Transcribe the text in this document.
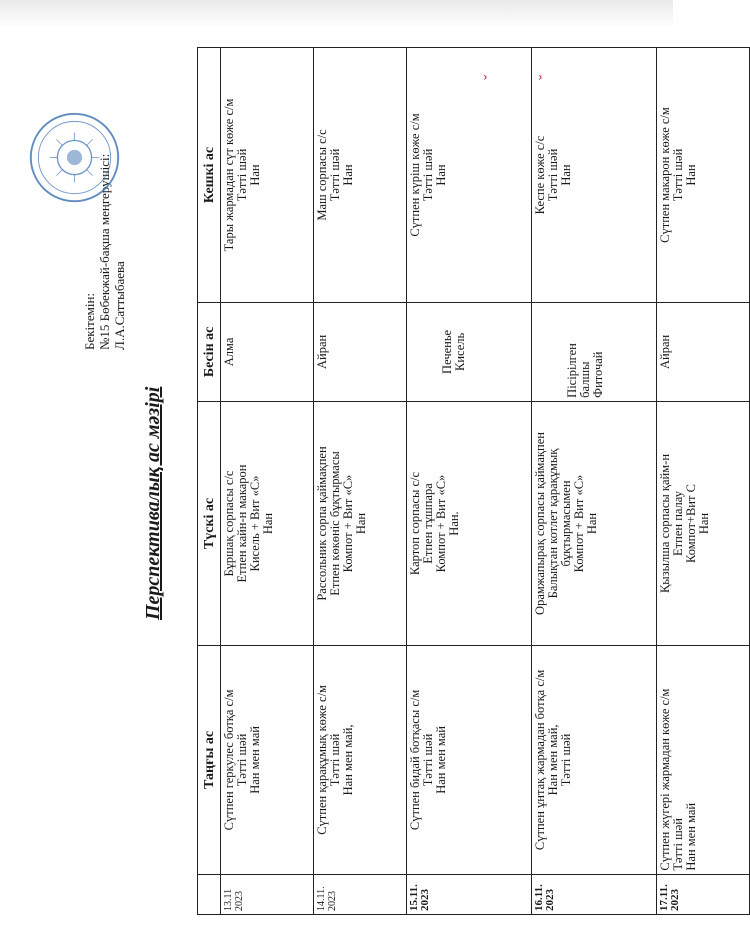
Перспективалық ас мәзірі
Бекітемін: №15 Бөбекжай-бақша меңгерушісі: Л.А.Саттыбаева
	Таңғы ас	Түскі ас	Бесін ас	Кешкі ас
13.11 2023	Сүтпен геркулес ботқа с/м Тәтті шәй Нан мен май	Бұршақ сорпасы с/с Етпен кайн-н макарон Кисель + Вит «С» Нан	Алма	Тары жармадан сүт көже с/м Тәтті шәй Нан

14.11. 2023	Сүтпен қарақұмық көже с/м Тәтті шәй Нан мен май,	Рассольник сорпа қаймақпен Етпен көкөніс бұқтырмасы Компот + Вит «С» Нан	Айран	Маш сорпасы с/с Тәтті шәй Нан

15.11. 2023	Сүтпен бидай ботқасы с/м Тәтті шәй Нан мен май	Картоп сорпасы с/с Етпен тұшпара Компот + Вит «С» Нан.	Печенье Кисель	Сүтпен күріш көже с/м Тәтті шәй Нан

16.11. 2023	Сүтпен ұнтақ жармадан ботқа с/м Нан мен май, Тәтті шәй	Орамжапырақ сорпасы қаймақпен Балықтан котлет қарақұмық бұқтырмасымен Компот + Вит «С» Нан	Пісірілген балшы Фиточай	Кеспе көже с/с Тәтті шәй Нан

17.11. 2023	Сүтпен жүгері жармадан көже с/м Тәтті шәй Нан мен май	Қызылша сорпасы қайм-н Етпен палау Компот+Вит С Нан	Айран	Сүтпен макарон көже с/м Тәтті шәй Нан
ˇ ˇ
